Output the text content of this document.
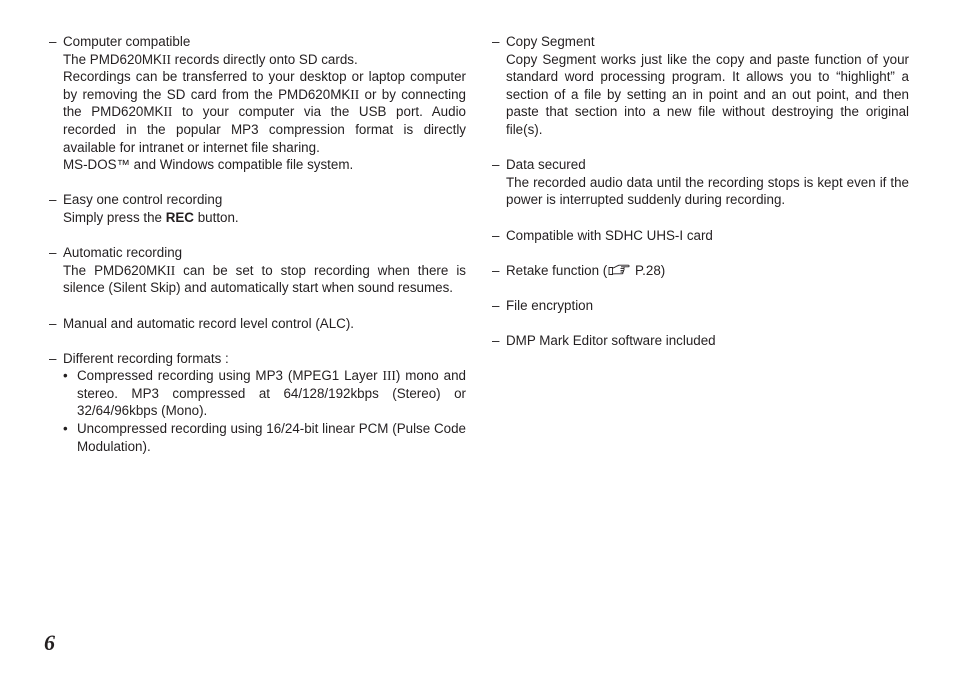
– Computer compatible

The PMD620MKII records directly onto SD cards.

Recordings can be transferred to your desktop or laptop computer by removing the SD card from the PMD620MKII or by connecting the PMD620MKII to your computer via the USB port. Audio recorded in the popular MP3 compression format is directly available for intranet or internet file sharing.

MS-DOS™ and Windows compatible file system.

– Easy one control recording

Simply press the REC button.

– Automatic recording

The PMD620MKII can be set to stop recording when there is silence (Silent Skip) and automatically start when sound resumes.

– Manual and automatic record level control (ALC).
– Different recording formats :
• Compressed recording using MP3 (MPEG1 Layer III) mono and stereo. MP3 compressed at 64/128/192kbps (Stereo) or 32/64/96kbps (Mono).
• Uncompressed recording using 16/24-bit linear PCM (Pulse Code Modulation).
– Copy Segment

Copy Segment works just like the copy and paste function of your standard word processing program. It allows you to “highlight” a section of a file by setting an in point and an out point, and then paste that section into a new file without destroying the original file(s).

– Data secured

The recorded audio data until the recording stops is kept even if the power is interrupted suddenly during recording.

– Compatible with SDHC UHS-I card
– Retake function ( P.28)
– File encryption
– DMP Mark Editor software included
6
